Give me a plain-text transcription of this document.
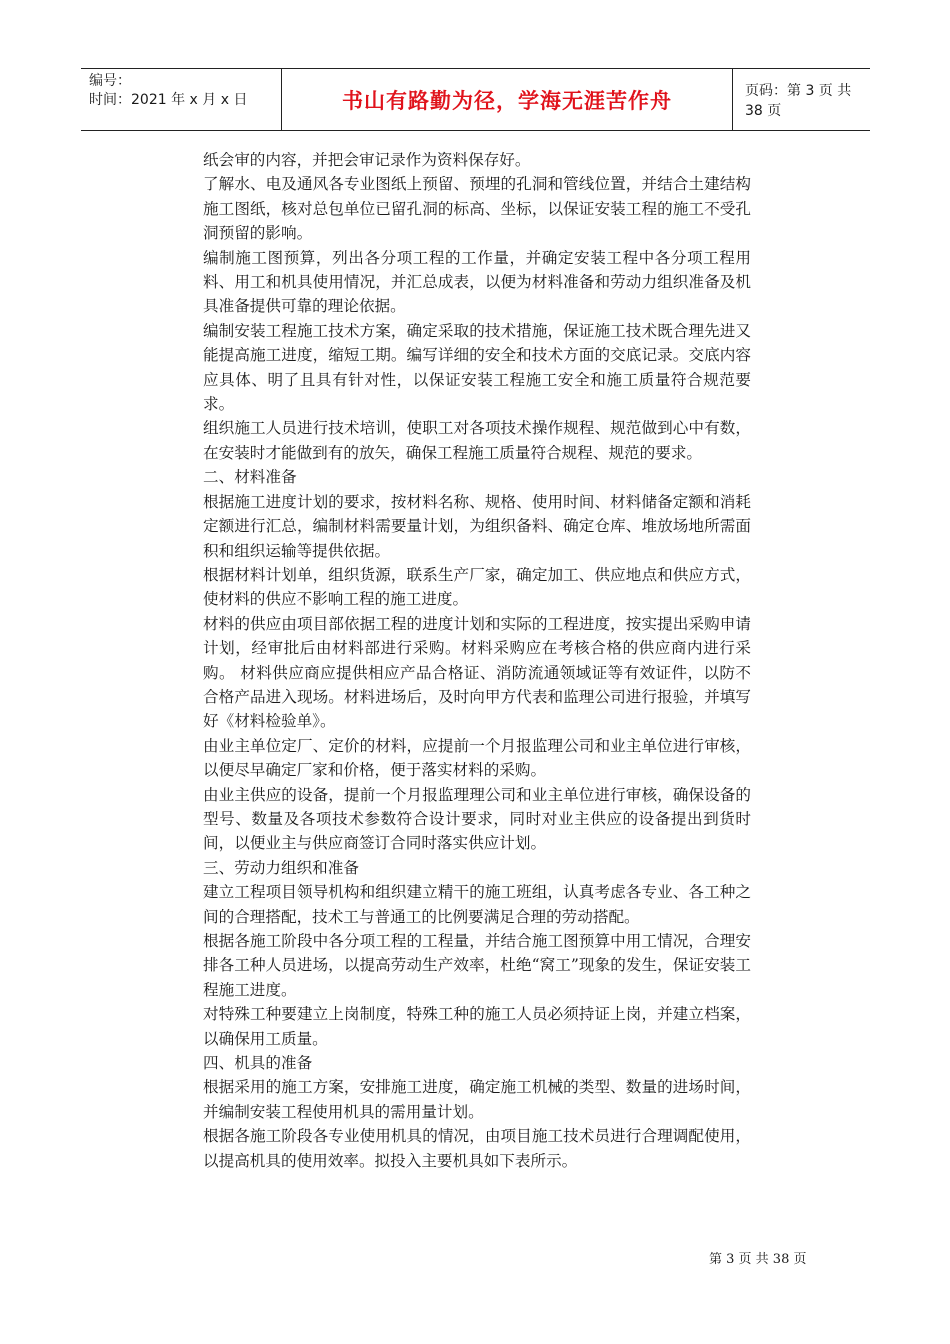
编号：
时间：2021 年 x 月 x 日	书山有路勤为径，学海无涯苦作舟	页码：第 3 页 共 38 页

纸会审的内容，并把会审记录作为资料保存好。

了解水、电及通风各专业图纸上预留、预埋的孔洞和管线位置，并结合土建结构施工图纸，核对总包单位已留孔洞的标高、坐标，以保证安装工程的施工不受孔洞预留的影响。

编制施工图预算，列出各分项工程的工作量，并确定安装工程中各分项工程用料、用工和机具使用情况，并汇总成表，以便为材料准备和劳动力组织准备及机具准备提供可靠的理论依据。

编制安装工程施工技术方案，确定采取的技术措施，保证施工技术既合理先进又能提高施工进度，缩短工期。编写详细的安全和技术方面的交底记录。交底内容应具体、明了且具有针对性，以保证安装工程施工安全和施工质量符合规范要求。

组织施工人员进行技术培训，使职工对各项技术操作规程、规范做到心中有数，在安装时才能做到有的放矢，确保工程施工质量符合规程、规范的要求。

二、材料准备

根据施工进度计划的要求，按材料名称、规格、使用时间、材料储备定额和消耗定额进行汇总，编制材料需要量计划，为组织备料、确定仓库、堆放场地所需面积和组织运输等提供依据。

根据材料计划单，组织货源，联系生产厂家，确定加工、供应地点和供应方式，使材料的供应不影响工程的施工进度。

材料的供应由项目部依据工程的进度计划和实际的工程进度，按实提出采购申请计划，经审批后由材料部进行采购。材料采购应在考核合格的供应商内进行采购。 材料供应商应提供相应产品合格证、消防流通领域证等有效证件，以防不合格产品进入现场。材料进场后，及时向甲方代表和监理公司进行报验，并填写好《材料检验单》。

由业主单位定厂、定价的材料，应提前一个月报监理公司和业主单位进行审核，以便尽早确定厂家和价格，便于落实材料的采购。

由业主供应的设备，提前一个月报监理理公司和业主单位进行审核，确保设备的型号、数量及各项技术参数符合设计要求，同时对业主供应的设备提出到货时间，以便业主与供应商签订合同时落实供应计划。

三、劳动力组织和准备

建立工程项目领导机构和组织建立精干的施工班组，认真考虑各专业、各工种之间的合理搭配，技术工与普通工的比例要满足合理的劳动搭配。

根据各施工阶段中各分项工程的工程量，并结合施工图预算中用工情况，合理安排各工种人员进场，以提高劳动生产效率，杜绝“窝工”现象的发生，保证安装工程施工进度。

对特殊工种要建立上岗制度，特殊工种的施工人员必须持证上岗，并建立档案，以确保用工质量。

四、机具的准备

根据采用的施工方案，安排施工进度，确定施工机械的类型、数量的进场时间，并编制安装工程使用机具的需用量计划。

根据各施工阶段各专业使用机具的情况，由项目施工技术员进行合理调配使用，以提高机具的使用效率。拟投入主要机具如下表所示。

第 3 页 共 38 页
